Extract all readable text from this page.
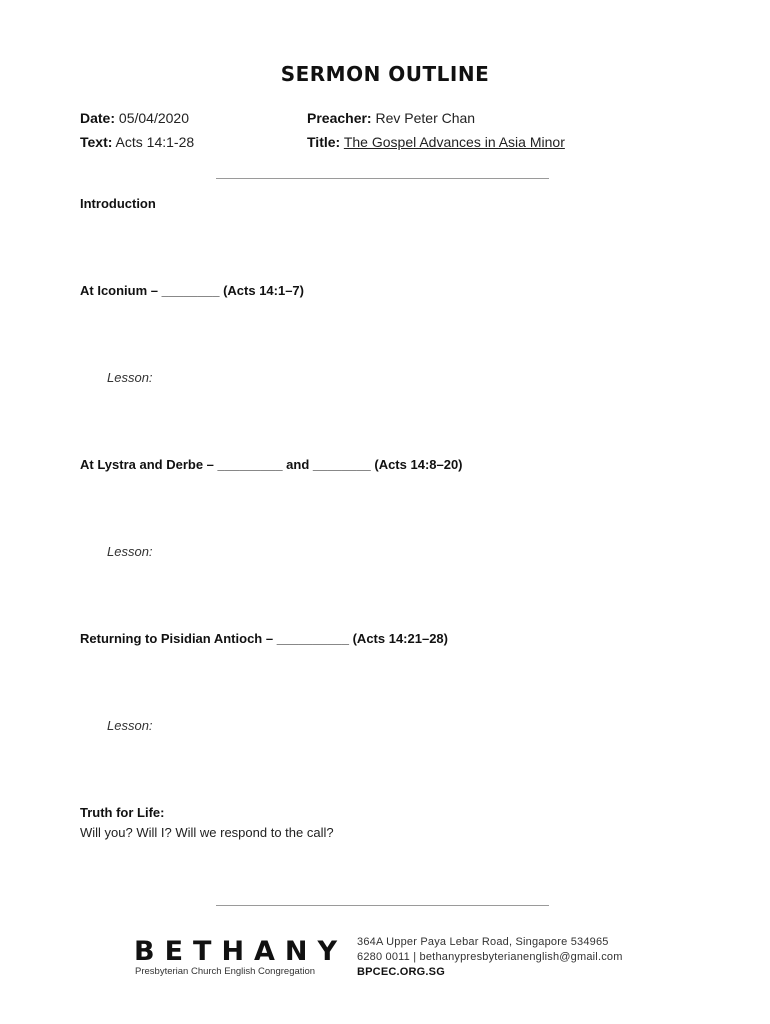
SERMON OUTLINE
Date: 05/04/2020
Text: Acts 14:1-28
Preacher: Rev Peter Chan
Title: The Gospel Advances in Asia Minor
Introduction
At Iconium – ________ (Acts 14:1–7)
Lesson:
At Lystra and Derbe – _________ and ________ (Acts 14:8–20)
Lesson:
Returning to Pisidian Antioch – __________ (Acts 14:21–28)
Lesson:
Truth for Life:
Will you? Will I? Will we respond to the call?
BETHANY
Presbyterian Church English Congregation
364A Upper Paya Lebar Road, Singapore 534965
6280 0011 | bethanypresbyterianenglish@gmail.com
BPCEC.ORG.SG
